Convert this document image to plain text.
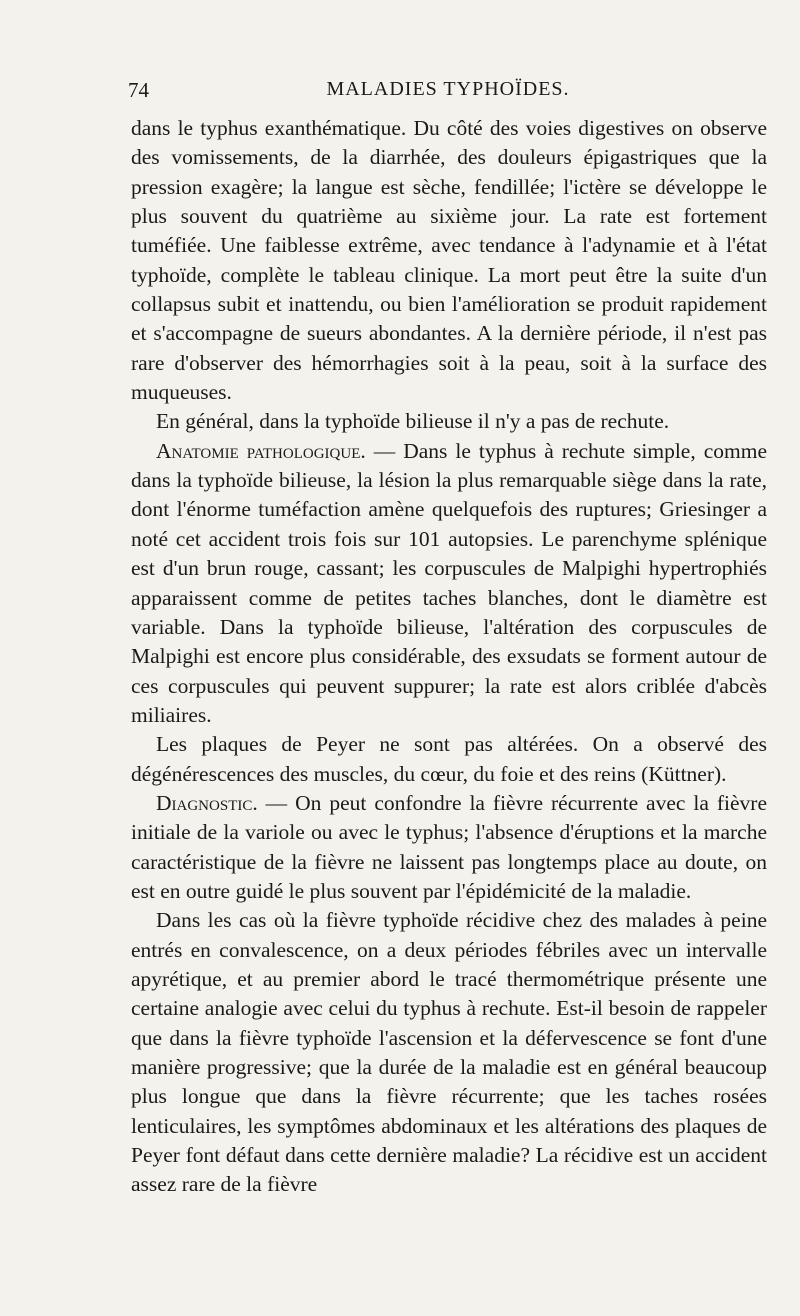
74	MALADIES TYPHOÏDES.

dans le typhus exanthématique. Du côté des voies digestives on observe des vomissements, de la diarrhée, des douleurs épigastriques que la pression exagère; la langue est sèche, fendillée; l'ictère se développe le plus souvent du quatrième au sixième jour. La rate est fortement tuméfiée. Une faiblesse extrême, avec tendance à l'adynamie et à l'état typhoïde, complète le tableau clinique. La mort peut être la suite d'un collapsus subit et inattendu, ou bien l'amélioration se produit rapidement et s'accompagne de sueurs abondantes. A la dernière période, il n'est pas rare d'observer des hémorrhagies soit à la peau, soit à la surface des muqueuses.

En général, dans la typhoïde bilieuse il n'y a pas de rechute.

Anatomie pathologique. — Dans le typhus à rechute simple, comme dans la typhoïde bilieuse, la lésion la plus remarquable siège dans la rate, dont l'énorme tuméfaction amène quelquefois des ruptures; Griesinger a noté cet accident trois fois sur 101 autopsies. Le parenchyme splénique est d'un brun rouge, cassant; les corpuscules de Malpighi hypertrophiés apparaissent comme de petites taches blanches, dont le diamètre est variable. Dans la typhoïde bilieuse, l'altération des corpuscules de Malpighi est encore plus considérable, des exsudats se forment autour de ces corpuscules qui peuvent suppurer; la rate est alors criblée d'abcès miliaires.

Les plaques de Peyer ne sont pas altérées. On a observé des dégénérescences des muscles, du cœur, du foie et des reins (Küttner).

Diagnostic. — On peut confondre la fièvre récurrente avec la fièvre initiale de la variole ou avec le typhus; l'absence d'éruptions et la marche caractéristique de la fièvre ne laissent pas longtemps place au doute, on est en outre guidé le plus souvent par l'épidémicité de la maladie.

Dans les cas où la fièvre typhoïde récidive chez des malades à peine entrés en convalescence, on a deux périodes fébriles avec un intervalle apyrétique, et au premier abord le tracé thermométrique présente une certaine analogie avec celui du typhus à rechute. Est-il besoin de rappeler que dans la fièvre typhoïde l'ascension et la défervescence se font d'une manière progressive; que la durée de la maladie est en général beaucoup plus longue que dans la fièvre récurrente; que les taches rosées lenticulaires, les symptômes abdominaux et les altérations des plaques de Peyer font défaut dans cette dernière maladie? La récidive est un accident assez rare de la fièvre
